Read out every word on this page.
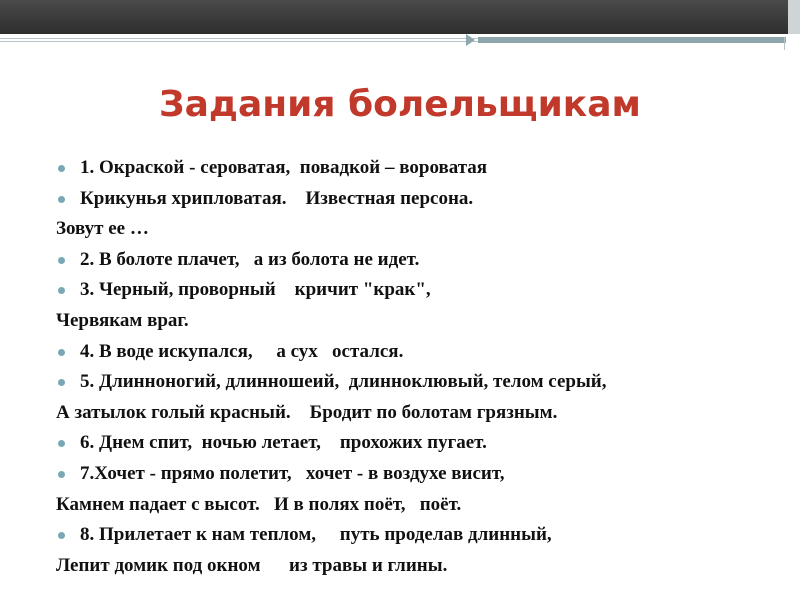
Задания болельщикам
1. Окраской - сероватая,  повадкой – вороватая
Крикунья хрипловатая.    Известная персона.
Зовут ее …
2. В болоте плачет,   а из болота не идет.
3. Черный, проворный    кричит "крак",
Червякам враг.
4. В воде искупался,     а сух   остался.
5. Длинноногий, длинношеий,  длинноклювый, телом серый,
А затылок голый красный.    Бродит по болотам грязным.
6. Днем спит,  ночью летает,    прохожих пугает.
7.Хочет - прямо полетит,   хочет - в воздухе висит,
Камнем падает с высот.   И в полях поёт,   поёт.
8. Прилетает к нам теплом,     путь проделав длинный,
Лепит домик под окном      из травы и глины.
